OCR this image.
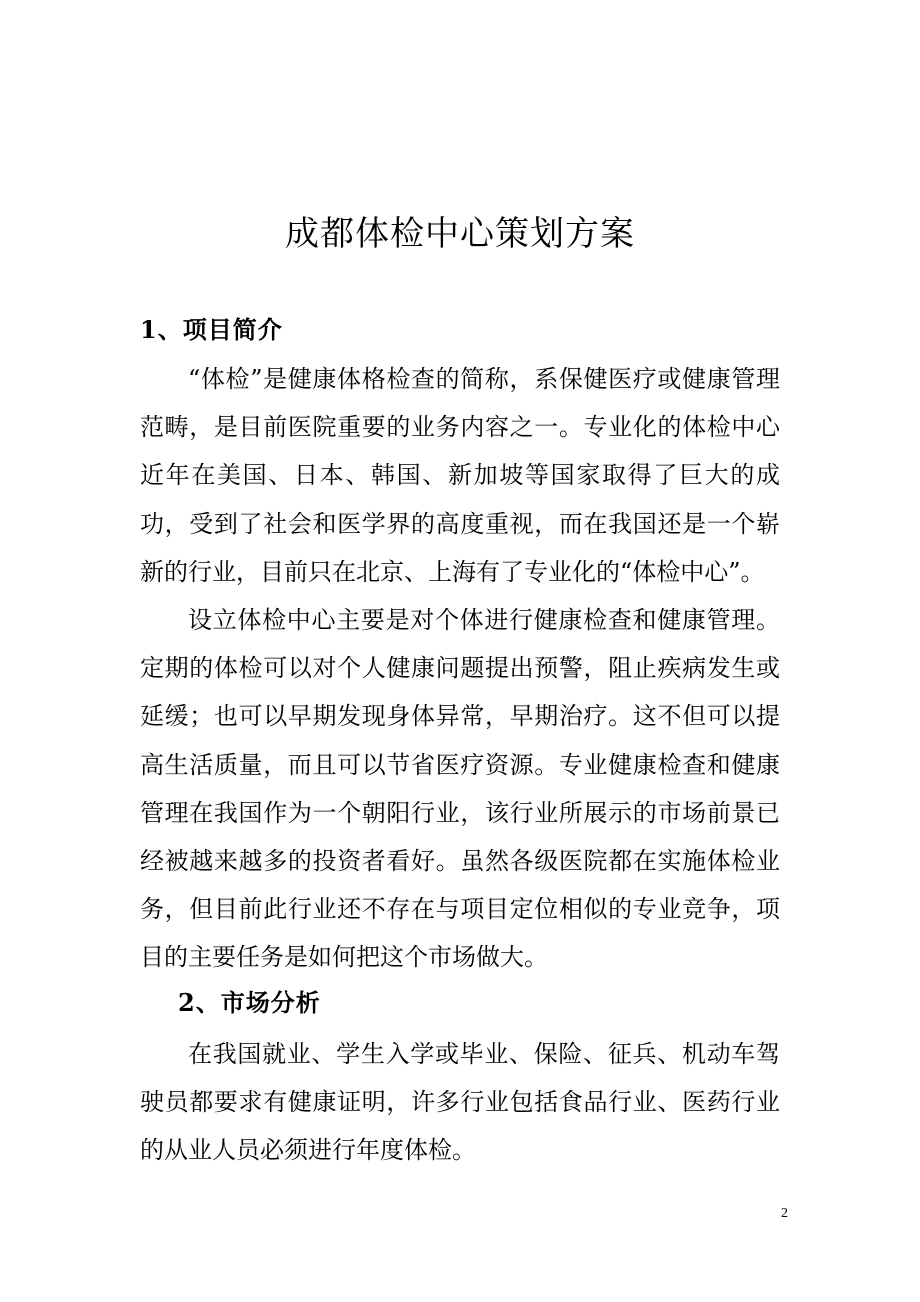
成都体检中心策划方案
1、项目简介

“体检”是健康体格检查的简称，系保健医疗或健康管理范畴，是目前医院重要的业务内容之一。专业化的体检中心近年在美国、日本、韩国、新加坡等国家取得了巨大的成功，受到了社会和医学界的高度重视，而在我国还是一个崭新的行业，目前只在北京、上海有了专业化的“体检中心”。

设立体检中心主要是对个体进行健康检查和健康管理。定期的体检可以对个人健康问题提出预警，阻止疾病发生或延缓；也可以早期发现身体异常，早期治疗。这不但可以提高生活质量，而且可以节省医疗资源。专业健康检查和健康管理在我国作为一个朝阳行业，该行业所展示的市场前景已经被越来越多的投资者看好。虽然各级医院都在实施体检业务，但目前此行业还不存在与项目定位相似的专业竞争，项目的主要任务是如何把这个市场做大。

2、市场分析

在我国就业、学生入学或毕业、保险、征兵、机动车驾驶员都要求有健康证明，许多行业包括食品行业、医药行业的从业人员必须进行年度体检。

2
